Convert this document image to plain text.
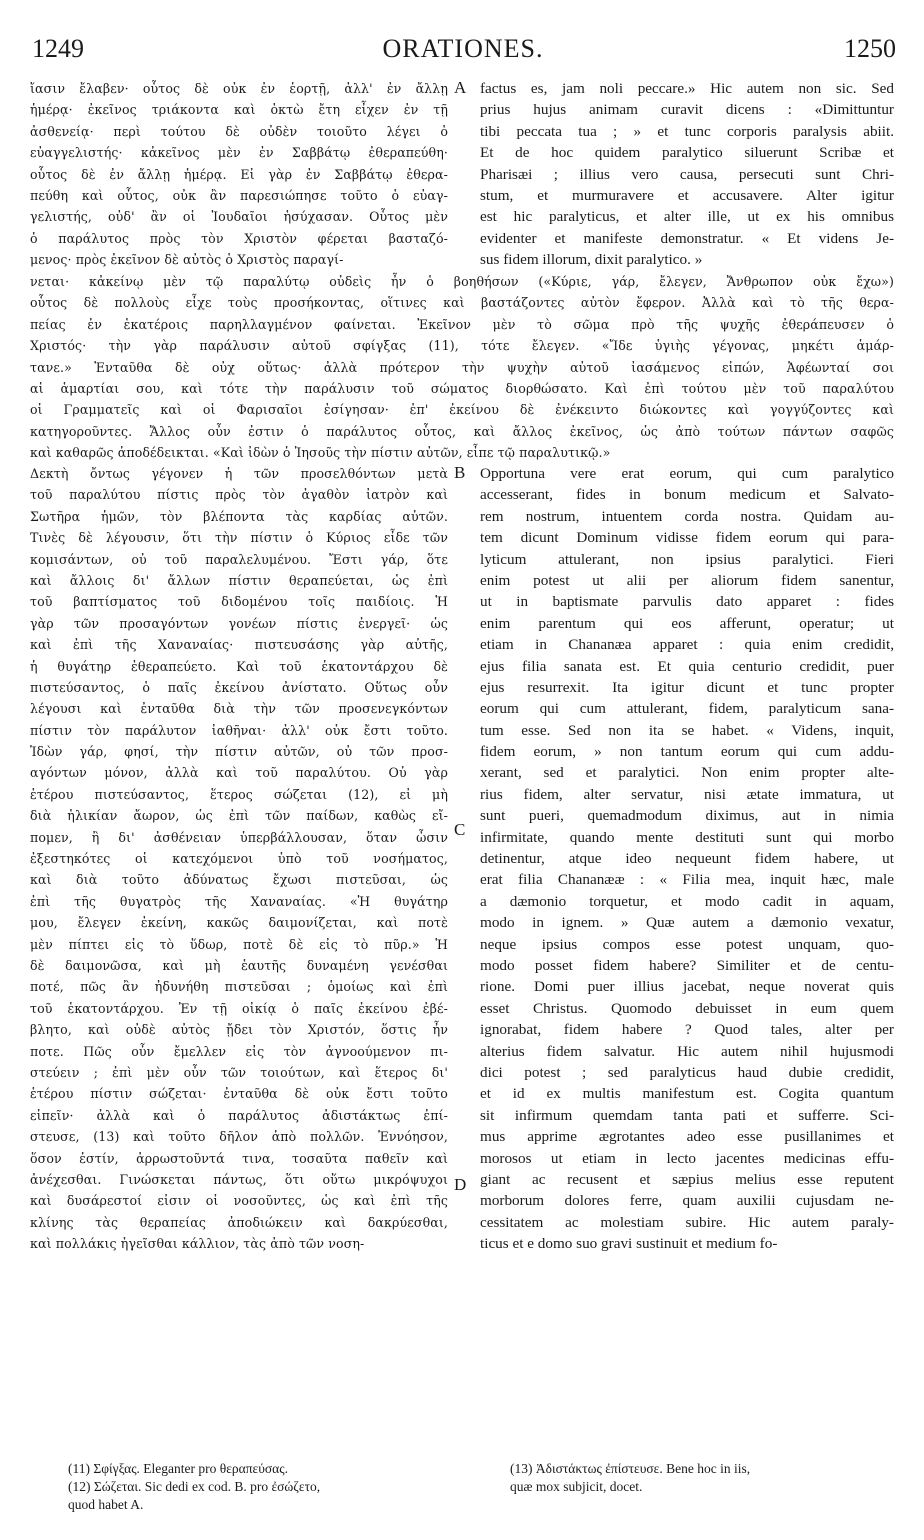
1249	ORATIONES.	1250
ἴασιν ἔλαβεν· οὗτος δὲ οὐκ ἐν ἑορτῇ, ἀλλ' ἐν ἄλλῃ
ἡμέρᾳ· ἐκεῖνος τριάκοντα καὶ ὀκτὼ ἔτη εἶχεν ἐν τῇ
ἀσθενείᾳ· περὶ τούτου δὲ οὐδὲν τοιοῦτο λέγει ὁ
εὐαγγελιστής· κἀκεῖνος μὲν ἐν Σαββάτῳ ἐθεραπεύθη·
οὗτος δὲ ἐν ἄλλῃ ἡμέρᾳ. Εἰ γὰρ ἐν Σαββάτῳ ἐθερα-
πεύθη καὶ οὗτος, οὐκ ἂν παρεσιώπησε τοῦτο ὁ εὐαγ-
γελιστής, οὐδ' ἂν οἱ Ἰουδαῖοι ἡσύχασαν. Οὗτος μὲν
ὁ παράλυτος πρὸς τὸν Χριστὸν φέρεται βασταζό-
μενος· πρὸς ἐκεῖνον δὲ αὐτὸς ὁ Χριστὸς παραγί-
factus es, jam noli peccare.» Hic autem non sic. Sed
prius hujus animam curavit dicens : «Dimittuntur
tibi peccata tua ; » et tunc corporis paralysis abiit.
Et de hoc quidem paralytico siluerunt Scribæ et
Pharisæi ; illius vero causa, persecuti sunt Chri-
stum, et murmuravere et accusavere. Alter igitur
est hic paralyticus, et alter ille, ut ex his omnibus
evidenter et manifeste demonstratur. « Et videns Je-
sus fidem illorum, dixit paralytico. »
νεται· κἀκείνῳ μὲν τῷ παραλύτῳ οὐδεὶς ἦν ὁ βοηθήσων («Κύριε, γάρ, ἔλεγεν, Ἄνθρωπον οὐκ ἔχω»)
οὗτος δὲ πολλοὺς εἶχε τοὺς προσήκοντας, οἵτινες καὶ βαστάζοντες αὐτὸν ἔφερον. Ἀλλὰ καὶ τὸ τῆς θερα-
πείας ἐν ἑκατέροις παρηλλαγμένον φαίνεται. Ἐκεῖνον μὲν τὸ σῶμα πρὸ τῆς ψυχῆς ἐθεράπευσεν ὁ
Χριστός· τὴν γὰρ παράλυσιν αὐτοῦ σφίγξας (11), τότε ἔλεγεν. «Ἴδε ὑγιὴς γέγονας, μηκέτι ἁμάρ-
τανε.» Ἐνταῦθα δὲ οὐχ οὕτως· ἀλλὰ πρότερον τὴν ψυχὴν αὐτοῦ ἰασάμενος εἰπών, Ἀφέωνταί σοι
αἱ ἁμαρτίαι σου, καὶ τότε τὴν παράλυσιν τοῦ σώματος διορθώσατο. Καὶ ἐπὶ τούτου μὲν τοῦ παραλύτου
οἱ Γραμματεῖς καὶ οἱ Φαρισαῖοι ἐσίγησαν· ἐπ' ἐκείνου δὲ ἐνέκειντο διώκοντες καὶ γογγύζοντες καὶ
κατηγοροῦντες. Ἄλλος οὖν ἐστιν ὁ παράλυτος οὗτος, καὶ ἄλλος ἐκεῖνος, ὡς ἀπὸ τούτων πάντων σαφῶς
καὶ καθαρῶς ἀποδέδεικται. «Καὶ ἰδὼν ὁ Ἰησοῦς τὴν πίστιν αὐτῶν, εἶπε τῷ παραλυτικῷ.»
Δεκτὴ ὄντως γέγονεν ἡ τῶν προσελθόντων μετὰ
τοῦ παραλύτου πίστις πρὸς τὸν ἀγαθὸν ἰατρὸν καὶ
Σωτῆρα ἡμῶν, τὸν βλέποντα τὰς καρδίας αὐτῶν.
Τινὲς δὲ λέγουσιν, ὅτι τὴν πίστιν ὁ Κύριος εἶδε τῶν
κομισάντων, οὐ τοῦ παραλελυμένου. Ἔστι γάρ, ὅτε
καὶ ἄλλοις δι' ἄλλων πίστιν θεραπεύεται, ὡς ἐπὶ
τοῦ βαπτίσματος τοῦ διδομένου τοῖς παιδίοις. Ἡ
γὰρ τῶν προσαγόντων γονέων πίστις ἐνεργεῖ· ὡς
καὶ ἐπὶ τῆς Χαναναίας· πιστευσάσης γὰρ αὐτῆς,
ἡ θυγάτηρ ἐθεραπεύετο. Καὶ τοῦ ἑκατοντάρχου δὲ
πιστεύσαντος, ὁ παῖς ἐκείνου ἀνίστατο. Οὕτως οὖν
λέγουσι καὶ ἐνταῦθα διὰ τὴν τῶν προσενεγκόντων
πίστιν τὸν παράλυτον ἰαθῆναι· ἀλλ' οὐκ ἔστι τοῦτο.
Ἰδὼν γάρ, φησί, τὴν πίστιν αὐτῶν, οὐ τῶν προσ-
αγόντων μόνον, ἀλλὰ καὶ τοῦ παραλύτου. Οὐ γὰρ
ἑτέρου πιστεύσαντος, ἕτερος σώζεται (12), εἰ μὴ
διὰ ἡλικίαν ἄωρον, ὡς ἐπὶ τῶν παίδων, καθὼς εἴ-
πομεν, ἢ δι' ἀσθένειαν ὑπερβάλλουσαν, ὅταν ὦσιν
ἐξεστηκότες οἱ κατεχόμενοι ὑπὸ τοῦ νοσήματος,
καὶ διὰ τοῦτο ἀδύνατως ἔχωσι πιστεῦσαι, ὡς
ἐπὶ τῆς θυγατρὸς τῆς Χαναναίας. «Ἡ θυγάτηρ
μου, ἔλεγεν ἐκείνη, κακῶς δαιμονίζεται, καὶ ποτὲ
μὲν πίπτει εἰς τὸ ὕδωρ, ποτὲ δὲ εἰς τὸ πῦρ.» Ἡ
δὲ δαιμονῶσα, καὶ μὴ ἑαυτῆς δυναμένη γενέσθαι
ποτέ, πῶς ἂν ἠδυνήθη πιστεῦσαι ; ὁμοίως καὶ ἐπὶ
τοῦ ἑκατοντάρχου. Ἐν τῇ οἰκίᾳ ὁ παῖς ἐκείνου ἐβέ-
βλητο, καὶ οὐδὲ αὐτὸς ᾔδει τὸν Χριστόν, ὅστις ἦν
ποτε. Πῶς οὖν ἔμελλεν εἰς τὸν ἀγνοούμενον πι-
στεύειν ; ἐπὶ μὲν οὖν τῶν τοιούτων, καὶ ἕτερος δι'
ἑτέρου πίστιν σώζεται· ἐνταῦθα δὲ οὐκ ἔστι τοῦτο
εἰπεῖν· ἀλλὰ καὶ ὁ παράλυτος ἀδιστάκτως ἐπί-
στευσε, (13) καὶ τοῦτο δῆλον ἀπὸ πολλῶν. Ἐννόησον,
ὅσον ἐστίν, ἀρρωστοῦντά τινα, τοσαῦτα παθεῖν καὶ
ἀνέχεσθαι. Γινώσκεται πάντως, ὅτι οὕτω μικρόψυχοι
καὶ δυσάρεστοί εἰσιν οἱ νοσοῦντες, ὡς καὶ ἐπὶ τῆς
κλίνης τὰς θεραπείας ἀποδιώκειν καὶ δακρύεσθαι,
καὶ πολλάκις ἡγεῖσθαι κάλλιον, τὰς ἀπὸ τῶν νοση-
Opportuna vere erat eorum, qui cum paralytico
accesserant, fides in bonum medicum et Salvato-
rem nostrum, intuentem corda nostra. Quidam au-
tem dicunt Dominum vidisse fidem eorum qui para-
lyticum attulerant, non ipsius paralytici. Fieri
enim potest ut alii per aliorum fidem sanentur,
ut in baptismate parvulis dato apparet : fides
enim parentum qui eos afferunt, operatur; ut
etiam in Chananæa apparet : quia enim credidit,
ejus filia sanata est. Et quia centurio credidit, puer
ejus resurrexit. Ita igitur dicunt et tunc propter
eorum qui cum attulerant, fidem, paralyticum sana-
tum esse. Sed non ita se habet. « Videns, inquit,
fidem eorum, » non tantum eorum qui cum addu-
xerant, sed et paralytici. Non enim propter alte-
rius fidem, alter servatur, nisi ætate immatura, ut
sunt pueri, quemadmodum diximus, aut in nimia
infirmitate, quando mente destituti sunt qui morbo
detinentur, atque ideo nequeunt fidem habere, ut
erat filia Chananææ : « Filia mea, inquit hæc, male
a dæmonio torquetur, et modo cadit in aquam,
modo in ignem. » Quæ autem a dæmonio vexatur,
neque ipsius compos esse potest unquam, quo-
modo posset fidem habere? Similiter et de centu-
rione. Domi puer illius jacebat, neque noverat quis
esset Christus. Quomodo debuisset in eum quem
ignorabat, fidem habere ? Quod tales, alter per
alterius fidem salvatur. Hic autem nihil hujusmodi
dici potest ; sed paralyticus haud dubie credidit,
et id ex multis manifestum est. Cogita quantum
sit infirmum quemdam tanta pati et sufferre. Sci-
mus apprime ægrotantes adeo esse pusillanimes et
morosos ut etiam in lecto jacentes medicinas effu-
giant ac recusent et sæpius melius esse reputent
morborum dolores ferre, quam auxilii cujusdam ne-
cessitatem ac molestiam subire. Hic autem paraly-
ticus et e domo suo gravi sustinuit et medium fo-
A
B
C
D
(11) Σφίγξας. Eleganter pro θεραπεύσας.
(12) Σώζεται. Sic dedi ex cod. B. pro ἐσώζετο,
quod habet A.
(13) Ἀδιστάκτως ἐπίστευσε. Bene hoc in iis,
quæ mox subjicit, docet.
